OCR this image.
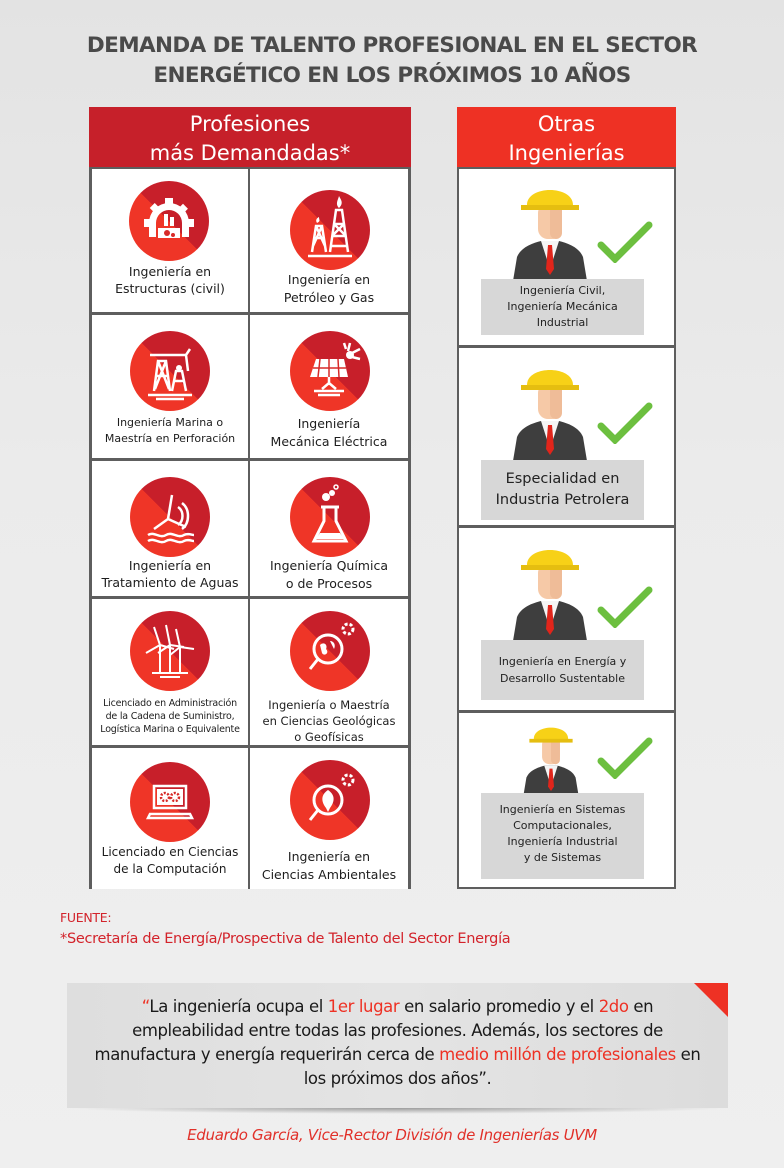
DEMANDA DE TALENTO PROFESIONAL EN EL SECTOR
ENERGÉTICO EN LOS PRÓXIMOS 10 AÑOS
Profesiones
más Demandadas*
Ingeniería en
Estructuras (civil)
Ingeniería en
Petróleo y Gas
Ingeniería Marina o
Maestría en Perforación
Ingeniería
Mecánica Eléctrica
Ingeniería en
Tratamiento de Aguas
Ingeniería Química
o de Procesos
Licenciado en Administración
de la Cadena de Suministro,
Logística Marina o Equivalente
Ingeniería o Maestría
en Ciencias Geológicas
o Geofísicas
Licenciado en Ciencias
de la Computación
Ingeniería en
Ciencias Ambientales
Otras
Ingenierías
Ingeniería Civil,
Ingeniería Mecánica
Industrial
Especialidad en
Industria Petrolera
Ingeniería en Energía y
Desarrollo Sustentable
Ingeniería en Sistemas
Computacionales,
Ingeniería Industrial
y de Sistemas
FUENTE:
*Secretaría de Energía/Prospectiva de Talento del Sector Energía
“La ingeniería ocupa el 1er lugar en salario promedio y el 2do en empleabilidad entre todas las profesiones. Además, los sectores de manufactura y energía requerirán cerca de medio millón de profesionales en los próximos dos años”.
Eduardo García, Vice-Rector División de Ingenierías UVM
